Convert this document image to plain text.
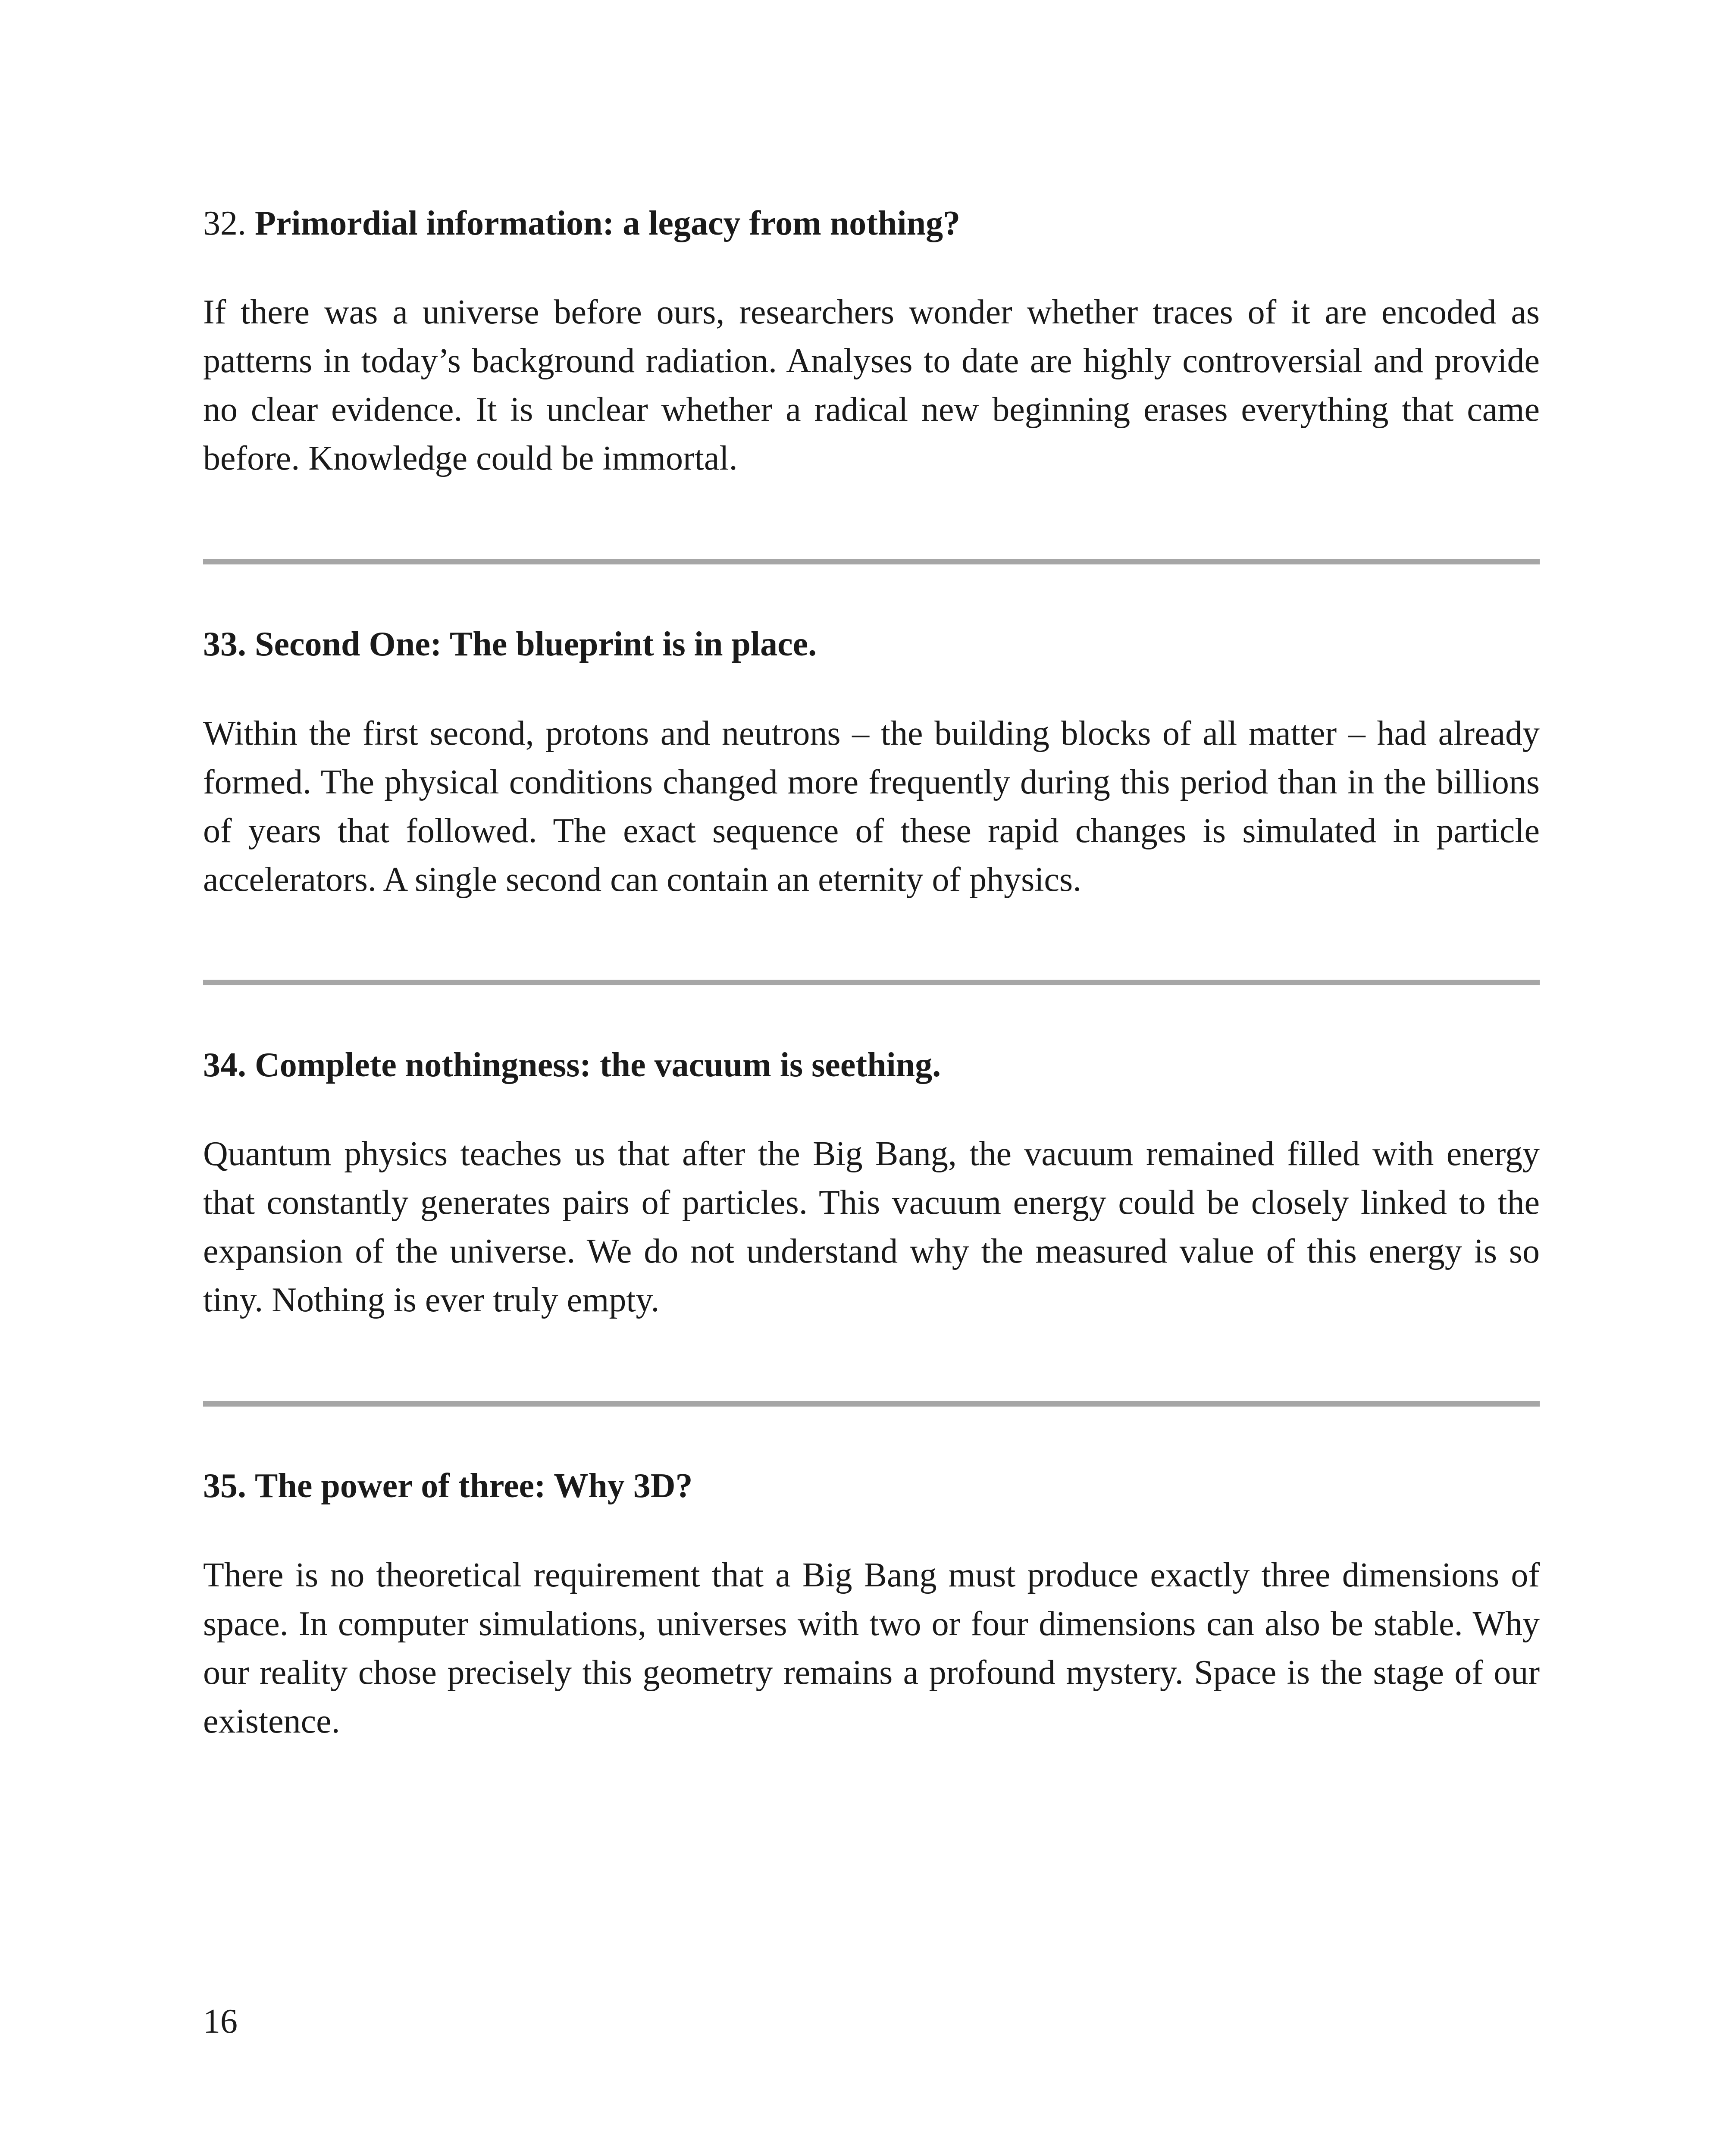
32. Primordial information: a legacy from nothing?

If there was a universe before ours, researchers wonder whether traces of it are encoded as patterns in today’s background radiation. Analyses to date are highly controversial and provide no clear evidence. It is unclear whether a radical new beginning erases everything that came before. Knowledge could be immortal.

33. Second One: The blueprint is in place.

Within the first second, protons and neutrons – the building blocks of all matter – had already formed. The physical conditions changed more frequently during this period than in the billions of years that followed. The exact sequence of these rapid changes is simulated in particle accelerators. A single second can contain an eternity of physics.

34. Complete nothingness: the vacuum is seething.

Quantum physics teaches us that after the Big Bang, the vacuum remained filled with energy that constantly generates pairs of particles. This vacuum energy could be closely linked to the expansion of the universe. We do not understand why the measured value of this energy is so tiny. Nothing is ever truly empty.

35. The power of three: Why 3D?

There is no theoretical requirement that a Big Bang must produce exactly three dimensions of space. In computer simulations, universes with two or four dimensions can also be stable. Why our reality chose precisely this geometry remains a profound mystery. Space is the stage of our existence.

16
